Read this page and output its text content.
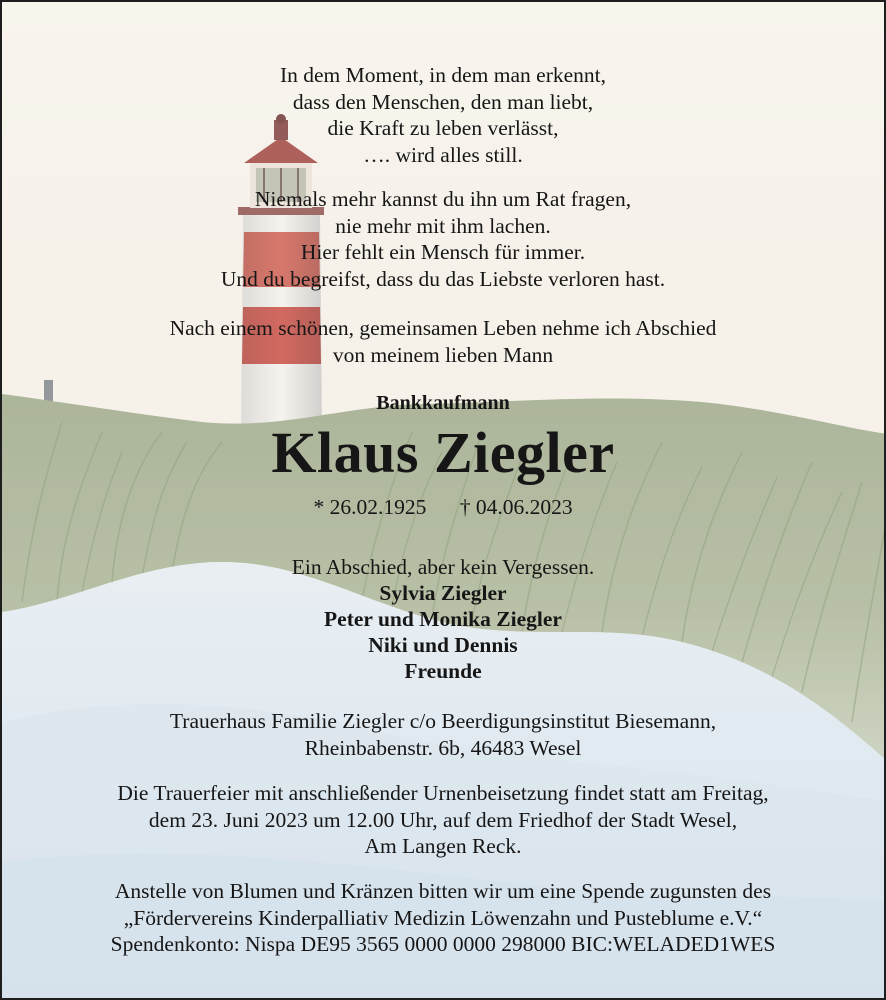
In dem Moment, in dem man erkennt,
dass den Menschen, den man liebt,
die Kraft zu leben verlässt,
…. wird alles still.
Niemals mehr kannst du ihn um Rat fragen,
nie mehr mit ihm lachen.
Hier fehlt ein Mensch für immer.
Und du begreifst, dass du das Liebste verloren hast.
Nach einem schönen, gemeinsamen Leben nehme ich Abschied
von meinem lieben Mann
Bankkaufmann
Klaus Ziegler
* 26.02.1925 † 04.06.2023
Ein Abschied, aber kein Vergessen.
Sylvia Ziegler
Peter und Monika Ziegler
Niki und Dennis
Freunde
Trauerhaus Familie Ziegler c/o Beerdigungsinstitut Biesemann,
Rheinbabenstr. 6b, 46483 Wesel
Die Trauerfeier mit anschließender Urnenbeisetzung findet statt am Freitag,
dem 23. Juni 2023 um 12.00 Uhr, auf dem Friedhof der Stadt Wesel,
Am Langen Reck.
Anstelle von Blumen und Kränzen bitten wir um eine Spende zugunsten des
„Fördervereins Kinderpalliativ Medizin Löwenzahn und Pusteblume e.V.“
Spendenkonto: Nispa DE95 3565 0000 0000 298000 BIC:WELADED1WES
